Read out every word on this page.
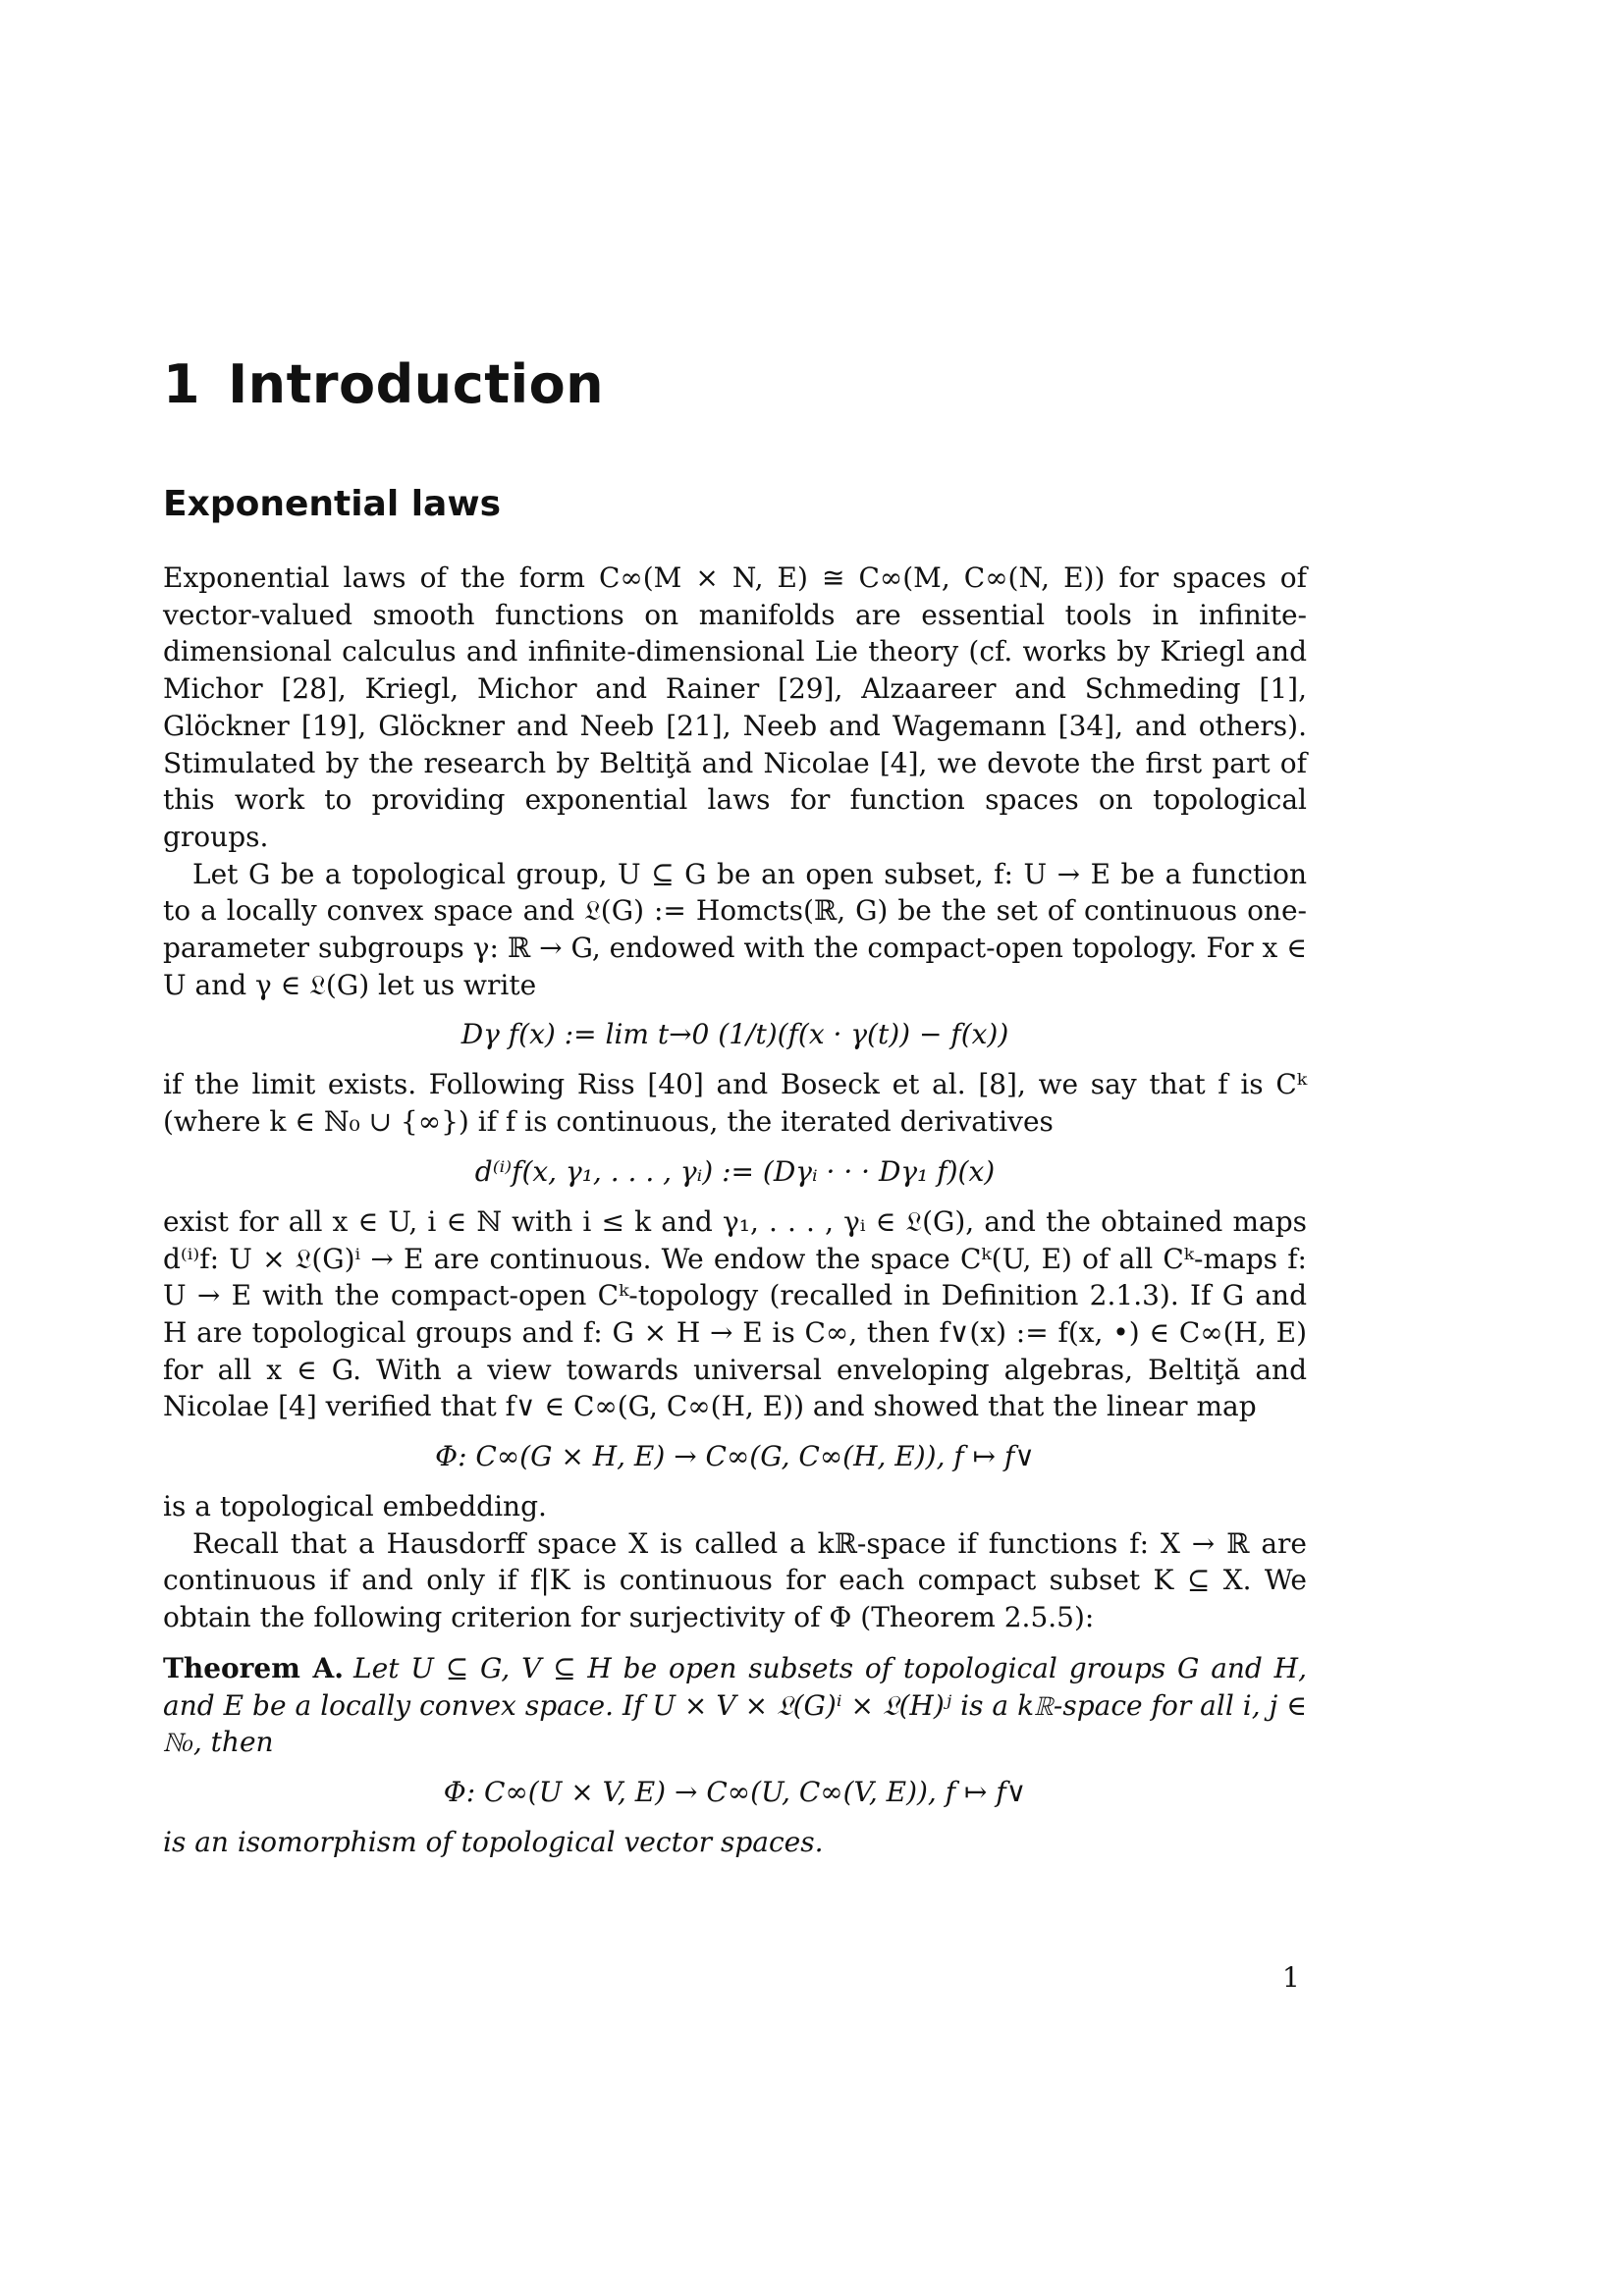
1 Introduction
Exponential laws

Exponential laws of the form C∞(M × N, E) ≅ C∞(M, C∞(N, E)) for spaces of vector-valued smooth functions on manifolds are essential tools in infinite-dimensional calculus and infinite-dimensional Lie theory (cf. works by Kriegl and Michor [28], Kriegl, Michor and Rainer [29], Alzaareer and Schmeding [1], Glöckner [19], Glöckner and Neeb [21], Neeb and Wagemann [34], and others). Stimulated by the research by Beltiţă and Nicolae [4], we devote the first part of this work to providing exponential laws for function spaces on topological groups.

Let G be a topological group, U ⊆ G be an open subset, f: U → E be a function to a locally convex space and 𝔏(G) := Homcts(ℝ, G) be the set of continuous one-parameter subgroups γ: ℝ → G, endowed with the compact-open topology. For x ∈ U and γ ∈ 𝔏(G) let us write

Dγ f(x) := lim t→0 (1/t)(f(x · γ(t)) − f(x))

if the limit exists. Following Riss [40] and Boseck et al. [8], we say that f is Cᵏ (where k ∈ ℕ₀ ∪ {∞}) if f is continuous, the iterated derivatives

d⁽ⁱ⁾f(x, γ₁, . . . , γᵢ) := (Dγᵢ · · · Dγ₁ f)(x)

exist for all x ∈ U, i ∈ ℕ with i ≤ k and γ₁, . . . , γᵢ ∈ 𝔏(G), and the obtained maps d⁽ⁱ⁾f: U × 𝔏(G)ⁱ → E are continuous. We endow the space Cᵏ(U, E) of all Cᵏ-maps f: U → E with the compact-open Cᵏ-topology (recalled in Definition 2.1.3). If G and H are topological groups and f: G × H → E is C∞, then f∨(x) := f(x, •) ∈ C∞(H, E) for all x ∈ G. With a view towards universal enveloping algebras, Beltiţă and Nicolae [4] verified that f∨ ∈ C∞(G, C∞(H, E)) and showed that the linear map

Φ: C∞(G × H, E) → C∞(G, C∞(H, E)), f ↦ f∨

is a topological embedding.

Recall that a Hausdorff space X is called a kℝ-space if functions f: X → ℝ are continuous if and only if f|K is continuous for each compact subset K ⊆ X. We obtain the following criterion for surjectivity of Φ (Theorem 2.5.5):

Theorem A. Let U ⊆ G, V ⊆ H be open subsets of topological groups G and H, and E be a locally convex space. If U × V × 𝔏(G)ⁱ × 𝔏(H)ʲ is a kℝ-space for all i, j ∈ ℕ₀, then
Φ: C∞(U × V, E) → C∞(U, C∞(V, E)), f ↦ f∨
is an isomorphism of topological vector spaces.
1
